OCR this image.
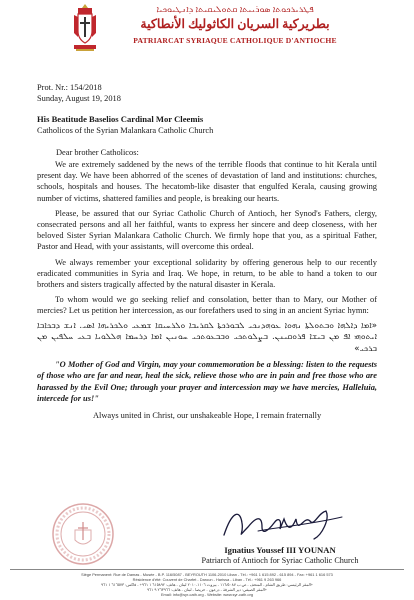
ܦܛܪܝܪܟܘܬܐ ܣܘܪܝܝܬܐ ܩܬܘܠܝܩܝܬܐ ܕܐܢܛܝܘܟܝܐ
بطريركية السريان الكاثوليك الأنطاكية
PATRIARCAT SYRIAQUE CATHOLIQUE D'ANTIOCHE
Prot. Nr.: 154/2018
Sunday, August 19, 2018
His Beatitude Baselios Cardinal Mor Cleemis
Catholicos of the Syrian Malankara Catholic Church
Dear brother Catholicos:

We are extremely saddened by the news of the terrible floods that continue to hit Kerala until present day. We have been abhorred of the scenes of devastation of land and institutions: churches, schools, hospitals and houses. The hecatomb-like disaster that engulfed Kerala, causing growing number of victims, shattered families and people, is breaking our hearts.

Please, be assured that our Syriac Catholic Church of Antioch, her Synod's Fathers, clergy, consecrated persons and all her faithful, wants to express her sincere and deep closeness, with her beloved Sister Syrian Malankara Catholic Church. We firmly hope that you, as a spiritual Father, Pastor and Head, with your assistants, will overcome this ordeal.

We always remember your exceptional solidarity by offering generous help to our recently eradicated communities in Syria and Iraq. We hope, in return, to be able to hand a token to our brothers and sisters tragically affected by the natural disaster in Kerala.

To whom would we go seeking relief and consolation, better than to Mary, our Mother of mercies? Let us petition her intercession, as our forefathers used to sing in an ancient Syriac hymn:

«ܐܡܐ ܕܐܠܗܐ ܘܒܬܘܠܬܐ ܢܗܘܐ ܥܘܗܕܢܟܝ ܠܒܘܪܟܬܐ ܠܩܪܝܒܐ ܘܠܪܚܝܩܐ ܫܡܥܝ ܘܠܟܪܝܗܐ ܐܣܝ. ܐܢܫ ܕܒܟܐܒܐ ܐܝܬܘܗܝ ܐܦ ܡܢ ܒܝܫܐ ܦܪܘܩܝܢܢ. ܒܨܠܘܬܟܝ ܘܒܒܥܘܬܟܝ ܚܘܢܝܢ ܐܡܐ ܕܪܚܡܐ ܗܠܠܘܝܐ ܒܥܝ ܚܠܦܝܢ ܡܢ ܒܪܟܝ»
"O Mother of God and Virgin, may your commemoration be a blessing: listen to the requests of those who are far and near, heal the sick, relieve those who are in pain and free those who are harassed by the Evil One; through your prayer and intercession may we have mercies, Halleluia, intercede for us!"
Always united in Christ, our unshakeable Hope, I remain fraternally
Ignatius Youssef III YOUNAN
Patriarch of Antioch for Syriac Catholic Church
Siège Permanent: Rue de Damas - Musée - B.P. 116/5087 - BEYROUTH 1106-2010 Liban - Tél.: +961 1 615 892 - 615 894 - Fax: +961 1 616 573
Résidence d'été: Couvent de Charfet - Daroun - Harissa - Liban - Tél.: +961 9 263 966
المقر الرئيسي: طريق الشام - المتحف - ص.ب ١١٦/٥٠٨٧ - بيروت ١١٠٦-٢٠١٠ لبنان - هاتف: ٦١٥٨٩٢ ١ ٩٦١+ - فاكس: ٦١٦٥٧٣ ١ ٩٦١+
المقر الصيفي: دير الشرفة - درعون - حريصا - لبنان - هاتف: ٢٦٣٩٦٦ ٩ ٩٦١+
Email: info@syr-cath.org - Website: www.syr-cath.org
